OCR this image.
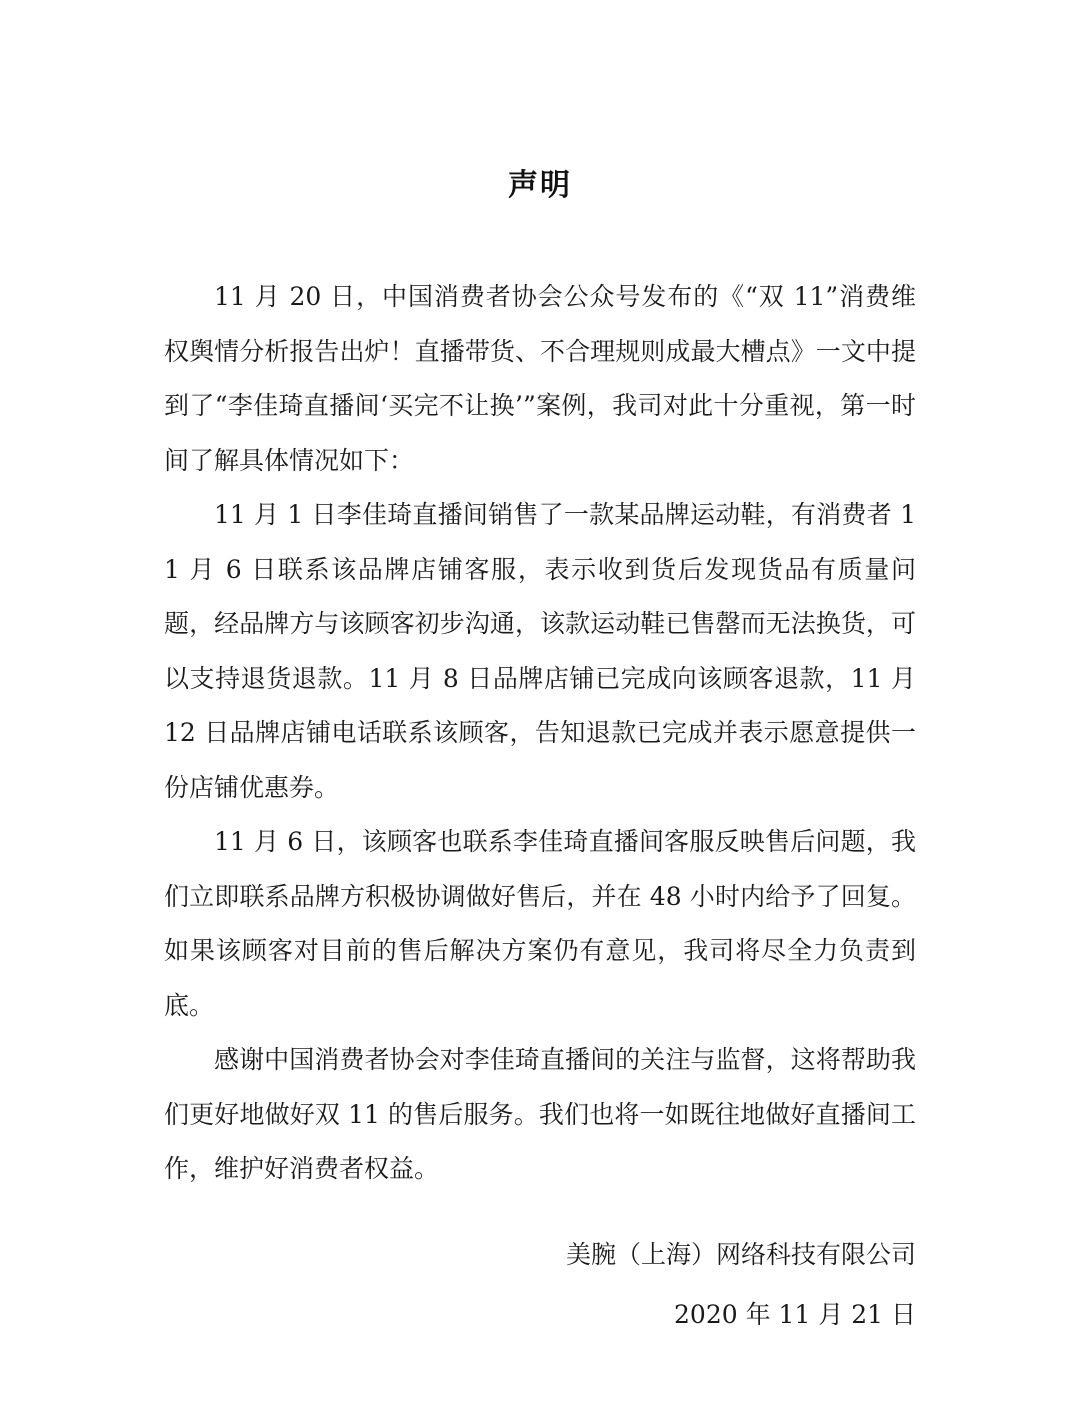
声明

11 月 20 日，中国消费者协会公众号发布的《“双 11”消费维权舆情分析报告出炉！直播带货、不合理规则成最大槽点》一文中提到了“李佳琦直播间‘买完不让换’”案例，我司对此十分重视，第一时间了解具体情况如下：

11 月 1 日李佳琦直播间销售了一款某品牌运动鞋，有消费者 11 月 6 日联系该品牌店铺客服，表示收到货后发现货品有质量问题，经品牌方与该顾客初步沟通，该款运动鞋已售罄而无法换货，可以支持退货退款。11 月 8 日品牌店铺已完成向该顾客退款，11 月 12 日品牌店铺电话联系该顾客，告知退款已完成并表示愿意提供一份店铺优惠券。

11 月 6 日，该顾客也联系李佳琦直播间客服反映售后问题，我们立即联系品牌方积极协调做好售后，并在 48 小时内给予了回复。如果该顾客对目前的售后解决方案仍有意见，我司将尽全力负责到底。

感谢中国消费者协会对李佳琦直播间的关注与监督，这将帮助我们更好地做好双 11 的售后服务。我们也将一如既往地做好直播间工作，维护好消费者权益。

美腕（上海）网络科技有限公司
2020 年 11 月 21 日
